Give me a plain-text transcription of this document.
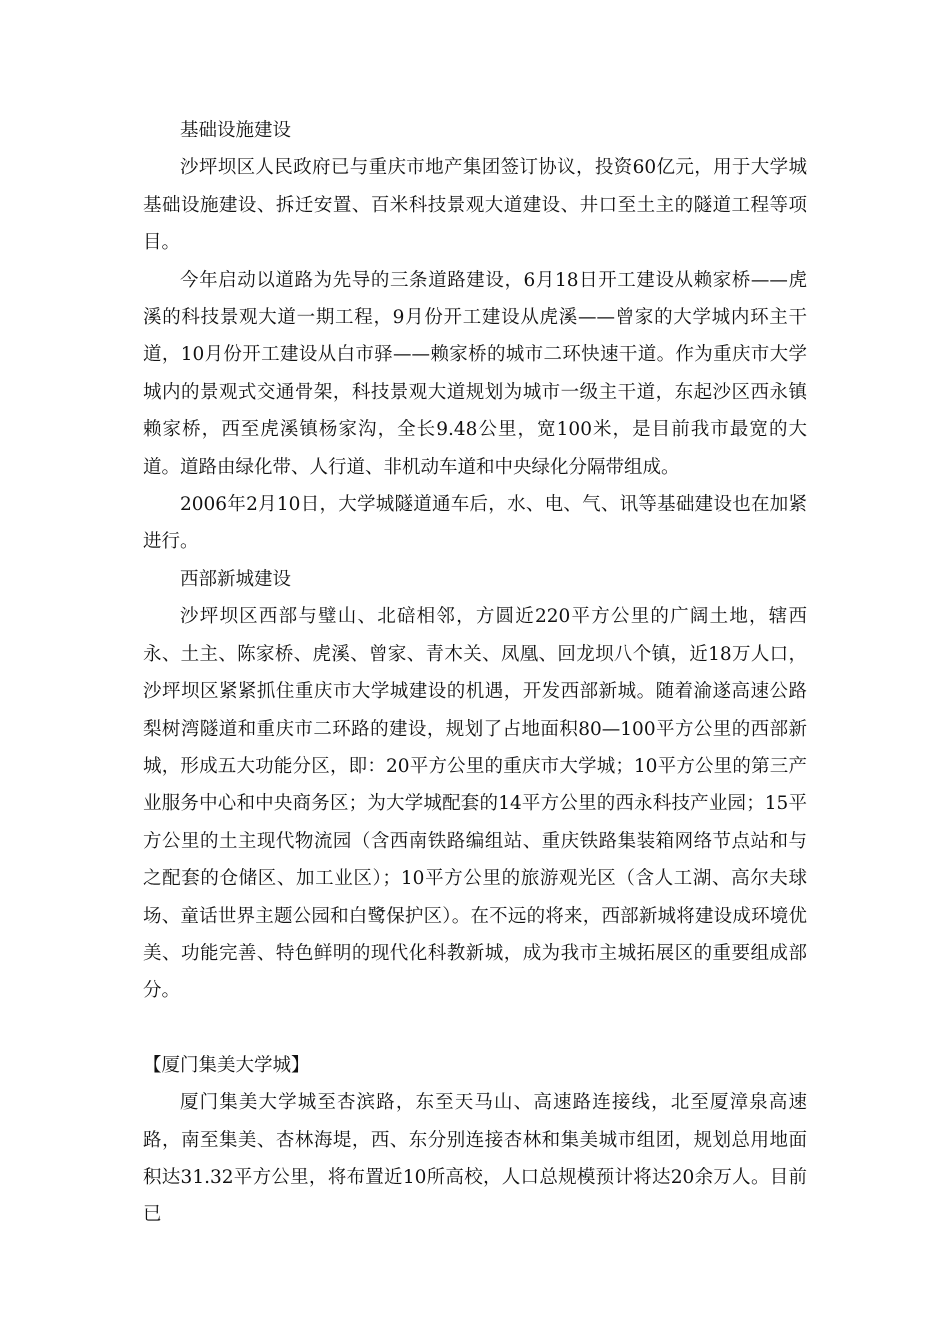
基础设施建设

沙坪坝区人民政府已与重庆市地产集团签订协议，投资60亿元，用于大学城基础设施建设、拆迁安置、百米科技景观大道建设、井口至土主的隧道工程等项目。

今年启动以道路为先导的三条道路建设，6月18日开工建设从赖家桥——虎溪的科技景观大道一期工程，9月份开工建设从虎溪——曾家的大学城内环主干道，10月份开工建设从白市驿——赖家桥的城市二环快速干道。作为重庆市大学城内的景观式交通骨架，科技景观大道规划为城市一级主干道，东起沙区西永镇赖家桥，西至虎溪镇杨家沟，全长9.48公里，宽100米，是目前我市最宽的大道。道路由绿化带、人行道、非机动车道和中央绿化分隔带组成。

2006年2月10日，大学城隧道通车后，水、电、气、讯等基础建设也在加紧进行。

西部新城建设

沙坪坝区西部与璧山、北碚相邻，方圆近220平方公里的广阔土地，辖西永、土主、陈家桥、虎溪、曾家、青木关、凤凰、回龙坝八个镇，近18万人口，沙坪坝区紧紧抓住重庆市大学城建设的机遇，开发西部新城。随着渝遂高速公路梨树湾隧道和重庆市二环路的建设，规划了占地面积80—100平方公里的西部新城，形成五大功能分区，即：20平方公里的重庆市大学城；10平方公里的第三产业服务中心和中央商务区；为大学城配套的14平方公里的西永科技产业园；15平方公里的土主现代物流园（含西南铁路编组站、重庆铁路集装箱网络节点站和与之配套的仓储区、加工业区）；10平方公里的旅游观光区（含人工湖、高尔夫球场、童话世界主题公园和白鹭保护区）。在不远的将来，西部新城将建设成环境优美、功能完善、特色鲜明的现代化科教新城，成为我市主城拓展区的重要组成部分。

【厦门集美大学城】

厦门集美大学城至杏滨路，东至天马山、高速路连接线，北至厦漳泉高速路，南至集美、杏林海堤，西、东分别连接杏林和集美城市组团，规划总用地面积达31.32平方公里，将布置近10所高校，人口总规模预计将达20余万人。目前已
